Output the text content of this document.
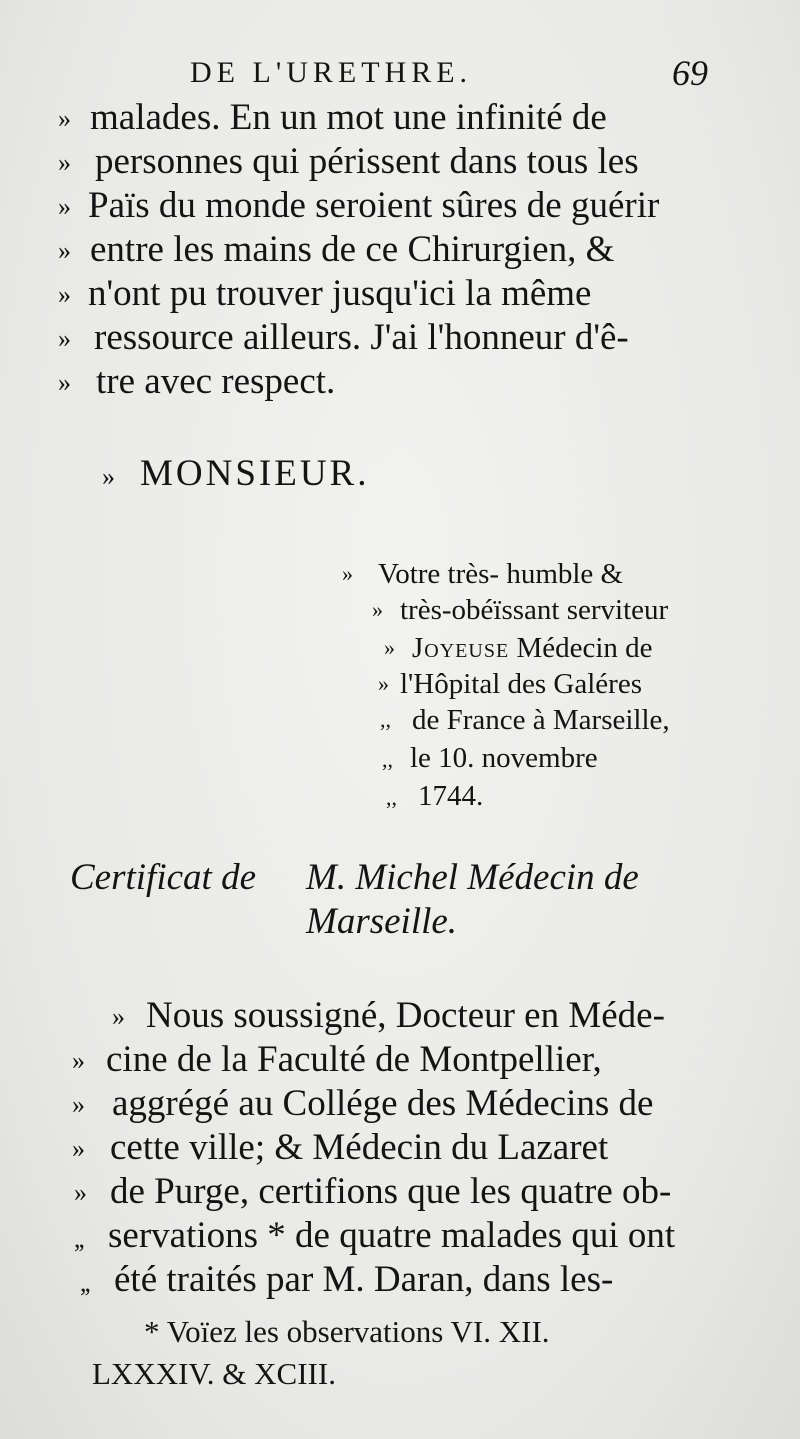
DE L'URETHRE.	69
» malades. En un mot une infinité de
» personnes qui périssent dans tous les
» Païs du monde seroient sûres de guérir
» entre les mains de ce Chirurgien, &
» n'ont pu trouver jusqu'ici la même
» ressource ailleurs. J'ai l'honneur d'ê-
» tre avec respect.
» MONSIEUR.
» Votre très- humble &
» très-obéïssant serviteur
» Joyeuse Médecin de
» l'Hôpital des Galéres
,, de France à Marseille,
,, le 10. novembre
,, 1744.
Certificat de M. Michel Médecin de
Marseille.
» Nous soussigné, Docteur en Méde-
» cine de la Faculté de Montpellier,
» aggrégé au Collége des Médecins de
» cette ville; & Médecin du Lazaret
» de Purge, certifions que les quatre ob-
,, servations * de quatre malades qui ont
,, été traités par M. Daran, dans les-
* Voïez les observations VI. XII.
LXXXIV. & XCIII.
